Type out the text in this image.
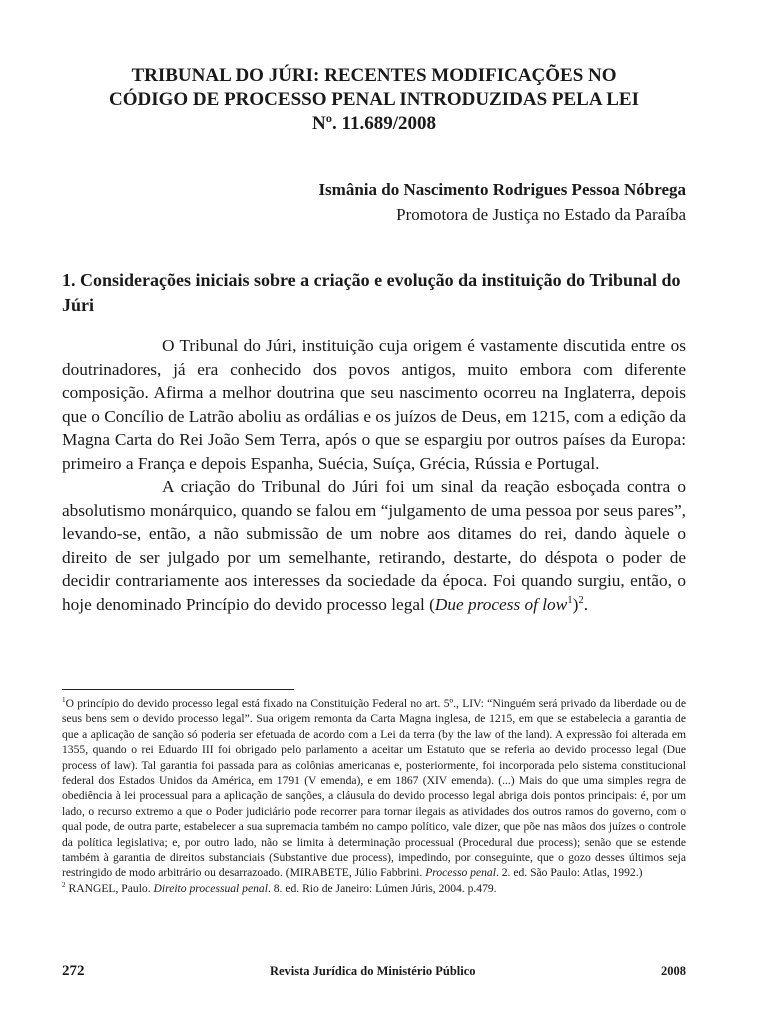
TRIBUNAL DO JÚRI: RECENTES MODIFICAÇÕES NO
CÓDIGO DE PROCESSO PENAL INTRODUZIDAS PELA LEI
Nº. 11.689/2008
Ismânia do Nascimento Rodrigues Pessoa Nóbrega
Promotora de Justiça no Estado da Paraíba
1. Considerações iniciais sobre a criação e evolução da instituição do Tribunal do Júri

O Tribunal do Júri, instituição cuja origem é vastamente discutida entre os doutrinadores, já era conhecido dos povos antigos, muito embora com diferente composição. Afirma a melhor doutrina que seu nascimento ocorreu na Inglaterra, depois que o Concílio de Latrão aboliu as ordálias e os juízos de Deus, em 1215, com a edição da Magna Carta do Rei João Sem Terra, após o que se espargiu por outros países da Europa: primeiro a França e depois Espanha, Suécia, Suíça, Grécia, Rússia e Portugal.

A criação do Tribunal do Júri foi um sinal da reação esboçada contra o absolutismo monárquico, quando se falou em “julgamento de uma pessoa por seus pares”, levando-se, então, a não submissão de um nobre aos ditames do rei, dando àquele o direito de ser julgado por um semelhante, retirando, destarte, do déspota o poder de decidir contrariamente aos interesses da sociedade da época. Foi quando surgiu, então, o hoje denominado Princípio do devido processo legal (Due process of low$^1$)$^2$.

$^1$O princípio do devido processo legal está fixado na Constituição Federal no art. 5º., LIV: “Ninguém será privado da liberdade ou de seus bens sem o devido processo legal”. Sua origem remonta da Carta Magna inglesa, de 1215, em que se estabelecia a garantia de que a aplicação de sanção só poderia ser efetuada de acordo com a Lei da terra (by the law of the land). A expressão foi alterada em 1355, quando o rei Eduardo III foi obrigado pelo parlamento a aceitar um Estatuto que se referia ao devido processo legal (Due process of law). Tal garantia foi passada para as colônias americanas e, posteriormente, foi incorporada pelo sistema constitucional federal dos Estados Unidos da América, em 1791 (V emenda), e em 1867 (XIV emenda). (...) Mais do que uma simples regra de obediência à lei processual para a aplicação de sanções, a cláusula do devido processo legal abriga dois pontos principais: é, por um lado, o recurso extremo a que o Poder judiciário pode recorrer para tornar ilegais as atividades dos outros ramos do governo, com o qual pode, de outra parte, estabelecer a sua supremacia também no campo político, vale dizer, que põe nas mãos dos juízes o controle da política legislativa; e, por outro lado, não se limita à determinação processual (Procedural due process); senão que se estende também à garantia de direitos substanciais (Substantive due process), impedindo, por conseguinte, que o gozo desses últimos seja restringido de modo arbitrário ou desarrazoado. (MIRABETE, Júlio Fabbrini. Processo penal. 2. ed. São Paulo: Atlas, 1992.)

$^2$ RANGEL, Paulo. Direito processual penal. 8. ed. Rio de Janeiro: Lúmen Júris, 2004. p.479.

272	Revista Jurídica do Ministério Público	2008
